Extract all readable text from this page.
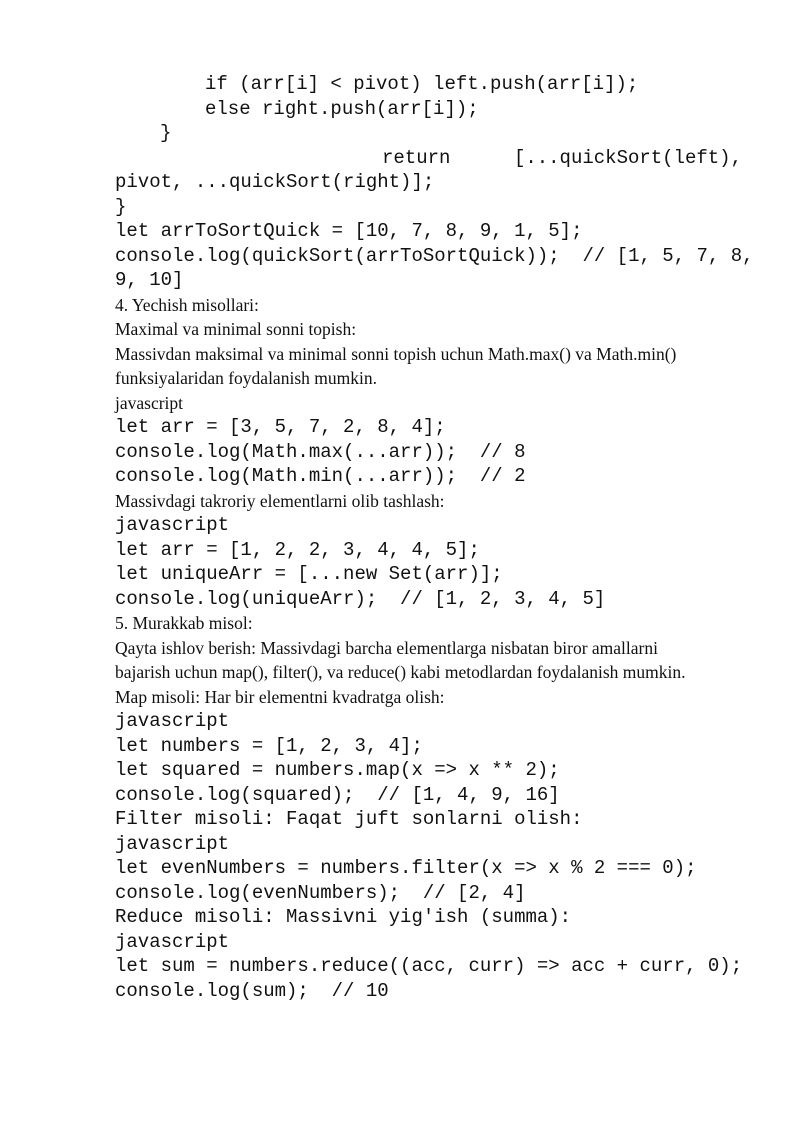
if (arr[i] < pivot) left.push(arr[i]);
else right.push(arr[i]);
}
return	[...quickSort(left),
pivot, ...quickSort(right)];
}
let arrToSortQuick = [10, 7, 8, 9, 1, 5];
console.log(quickSort(arrToSortQuick));  // [1, 5, 7, 8,
9, 10]
4. Yechish misollari:
Maximal va minimal sonni topish:
Massivdan maksimal va minimal sonni topish uchun Math.max() va Math.min()
funksiyalaridan foydalanish mumkin.
javascript
let arr = [3, 5, 7, 2, 8, 4];
console.log(Math.max(...arr));  // 8
console.log(Math.min(...arr));  // 2
Massivdagi takroriy elementlarni olib tashlash:
javascript
let arr = [1, 2, 2, 3, 4, 4, 5];
let uniqueArr = [...new Set(arr)];
console.log(uniqueArr);  // [1, 2, 3, 4, 5]
5. Murakkab misol:
Qayta ishlov berish: Massivdagi barcha elementlarga nisbatan biror amallarni
bajarish uchun map(), filter(), va reduce() kabi metodlardan foydalanish mumkin.
Map misoli: Har bir elementni kvadratga olish:
javascript
let numbers = [1, 2, 3, 4];
let squared = numbers.map(x => x ** 2);
console.log(squared);  // [1, 4, 9, 16]
Filter misoli: Faqat juft sonlarni olish:
javascript
let evenNumbers = numbers.filter(x => x % 2 === 0);
console.log(evenNumbers);  // [2, 4]
Reduce misoli: Massivni yig'ish (summa):
javascript
let sum = numbers.reduce((acc, curr) => acc + curr, 0);
console.log(sum);  // 10
